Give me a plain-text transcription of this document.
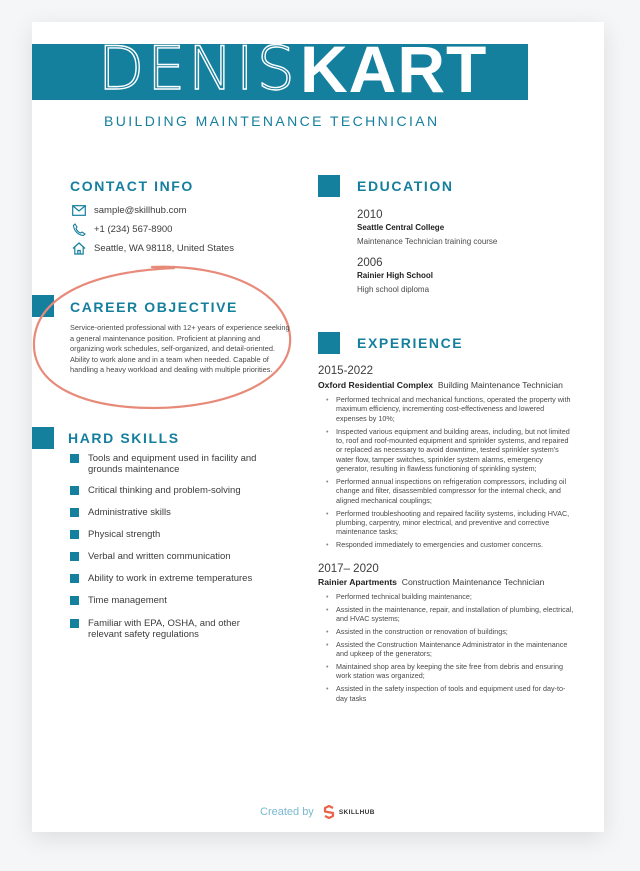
DENIS KART
BUILDING MAINTENANCE TECHNICIAN
CONTACT INFO
sample@skillhub.com
+1 (234) 567-8900
Seattle, WA 98118, United States
CAREER OBJECTIVE
Service-oriented professional with 12+ years of experience seeking a general maintenance position. Proficient at planning and organizing work schedules, self-organized, and detail-oriented. Ability to work alone and in a team when needed. Capable of handling a heavy workload and dealing with multiple priorities.
HARD SKILLS
Tools and equipment used in facility and grounds maintenance
Critical thinking and problem-solving
Administrative skills
Physical strength
Verbal and written communication
Ability to work in extreme temperatures
Time management
Familiar with EPA, OSHA, and other relevant safety regulations
EDUCATION
2010
Seattle Central College
Maintenance Technician training course
2006
Rainier High School
High school diploma
EXPERIENCE
2015-2022
Oxford Residential Complex Building Maintenance Technician
• Performed technical and mechanical functions, operated the property with maximum efficiency, incrementing cost-effectiveness and lowered expenses by 10%;
• Inspected various equipment and building areas, including, but not limited to, roof and roof-mounted equipment and sprinkler systems, and repaired or replaced as necessary to avoid downtime, tested sprinkler system's water flow, tamper switches, sprinkler system alarms, emergency generator, resulting in flawless functioning of sprinkling system;
• Performed annual inspections on refrigeration compressors, including oil change and filter, disassembled compressor for the internal check, and aligned mechanical couplings;
• Performed troubleshooting and repaired facility systems, including HVAC, plumbing, carpentry, minor electrical, and preventive and corrective maintenance tasks;
• Responded immediately to emergencies and customer concerns.
2017– 2020
Rainier Apartments Construction Maintenance Technician
• Performed technical building maintenance;
• Assisted in the maintenance, repair, and installation of plumbing, electrical, and HVAC systems;
• Assisted in the construction or renovation of buildings;
• Assisted the Construction Maintenance Administrator in the maintenance and upkeep of the generators;
• Maintained shop area by keeping the site free from debris and ensuring work station was organized;
• Assisted in the safety inspection of tools and equipment used for day-to-day tasks
Created by	SKILLHUB
